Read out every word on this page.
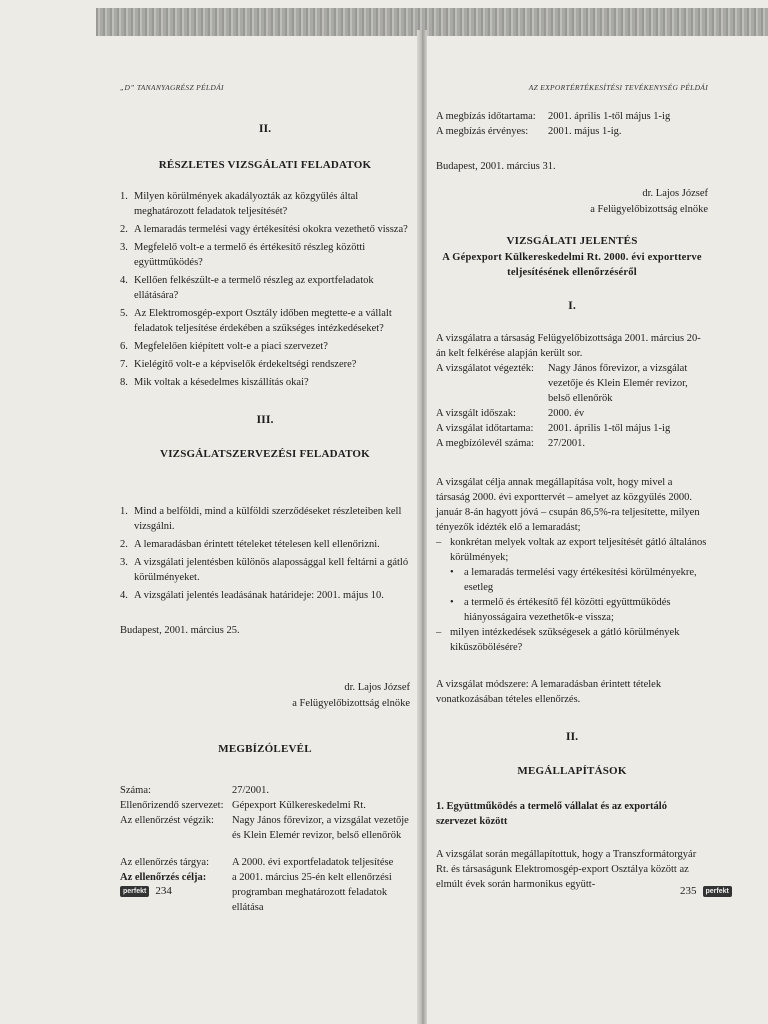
„D” TANANYAGRÉSZ PÉLDÁI
II.
RÉSZLETES VIZSGÁLATI FELADATOK
1. Milyen körülmények akadályozták az közgyűlés által meghatározott feladatok teljesítését?
2. A lemaradás termelési vagy értékesítési okokra vezethető vissza?
3. Megfelelő volt-e a termelő és értékesítő részleg közötti együttműködés?
4. Kellően felkészült-e a termelő részleg az exportfeladatok ellátására?
5. Az Elektromosgép-export Osztály időben megtette-e a vállalt feladatok teljesítése érdekében a szükséges intézkedéseket?
6. Megfelelően kiépített volt-e a piaci szervezet?
7. Kielégítő volt-e a képviselők érdekeltségi rendszere?
8. Mik voltak a késedelmes kiszállítás okai?
III.
VIZSGÁLATSZERVEZÉSI FELADATOK
1. Mind a belföldi, mind a külföldi szerződéseket részleteiben kell vizsgálni.
2. A lemaradásban érintett tételeket tételesen kell ellenőrizni.
3. A vizsgálati jelentésben különös alapossággal kell feltárni a gátló körülményeket.
4. A vizsgálati jelentés leadásának határideje: 2001. május 10.
Budapest, 2001. március 25.
dr. Lajos József
a Felügyelőbizottság elnöke
MEGBÍZÓLEVÉL
Száma:	27/2001.
Ellenőrizendő szervezet: Gépexport Külkereskedelmi Rt.
Az ellenőrzést végzik:	Nagy János főrevizor, a vizsgálat vezetője és Klein Elemér revizor, belső ellenőrök
Az ellenőrzés tárgya:	A 2000. évi exportfeladatok teljesítése
Az ellenőrzés célja:	a 2001. március 25-én kelt ellenőrzési programban meghatározott feladatok ellátása
perfekt 234
AZ EXPORTÉRTÉKESÍTÉSI TEVÉKENYSÉG PÉLDÁI
A megbízás időtartama:	2001. április 1-től május 1-ig
A megbízás érvényes:	2001. május 1-ig.
Budapest, 2001. március 31.
dr. Lajos József
a Felügyelőbizottság elnöke
VIZSGÁLATI JELENTÉS
A Gépexport Külkereskedelmi Rt. 2000. évi exportterve teljesítésének ellenőrzéséről
I.
A vizsgálatra a társaság Felügyelőbizottsága 2001. március 20-án kelt felkérése alapján került sor.
A vizsgálatot végezték:	Nagy János főrevizor, a vizsgálat vezetője és Klein Elemér revizor, belső ellenőrök
A vizsgált időszak:	2000. év
A vizsgálat időtartama:	2001. április 1-től május 1-ig
A megbízólevél száma:	27/2001.
A vizsgálat célja annak megállapítása volt, hogy mivel a társaság 2000. évi exporttervét – amelyet az közgyűlés 2000. január 8-án hagyott jóvá – csupán 86,5%-ra teljesítette, milyen tényezők idézték elő a lemaradást;
– konkrétan melyek voltak az export teljesítését gátló általános körülmények;
• a lemaradás termelési vagy értékesítési körülményekre, esetleg
• a termelő és értékesítő fél közötti együttműködés hiányosságaira vezethetők-e vissza;
– milyen intézkedések szükségesek a gátló körülmények kiküszöbölésére?
A vizsgálat módszere: A lemaradásban érintett tételek vonatkozásában tételes ellenőrzés.
II.
MEGÁLLAPÍTÁSOK
1. Együttműködés a termelő vállalat és az exportáló szervezet között
A vizsgálat során megállapítottuk, hogy a Transzformátorgyár Rt. és társaságunk Elektromosgép-export Osztálya között az elmúlt évek során harmonikus együtt-
235	perfekt
